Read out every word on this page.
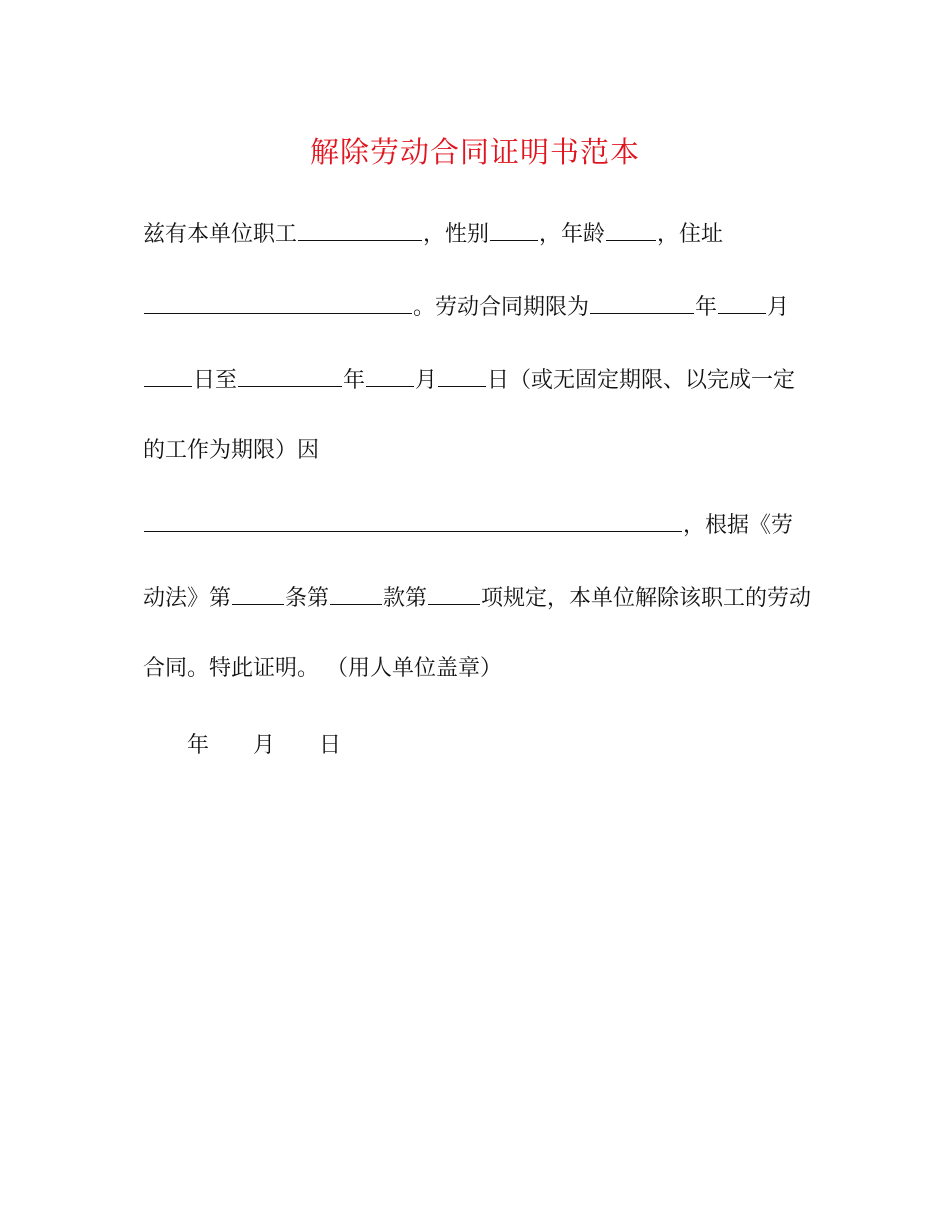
解除劳动合同证明书范本
兹有本单位职工	，性别 ，年龄 ，住址
。劳动合同期限为	年 月
日至	年 月 日（或无固定期限、以完成一定
的工作为期限）因
，根据《劳
动法》第 条第 款第 项规定，本单位解除该职工的劳动
合同。特此证明。 （用人单位盖章）
年 月 日
